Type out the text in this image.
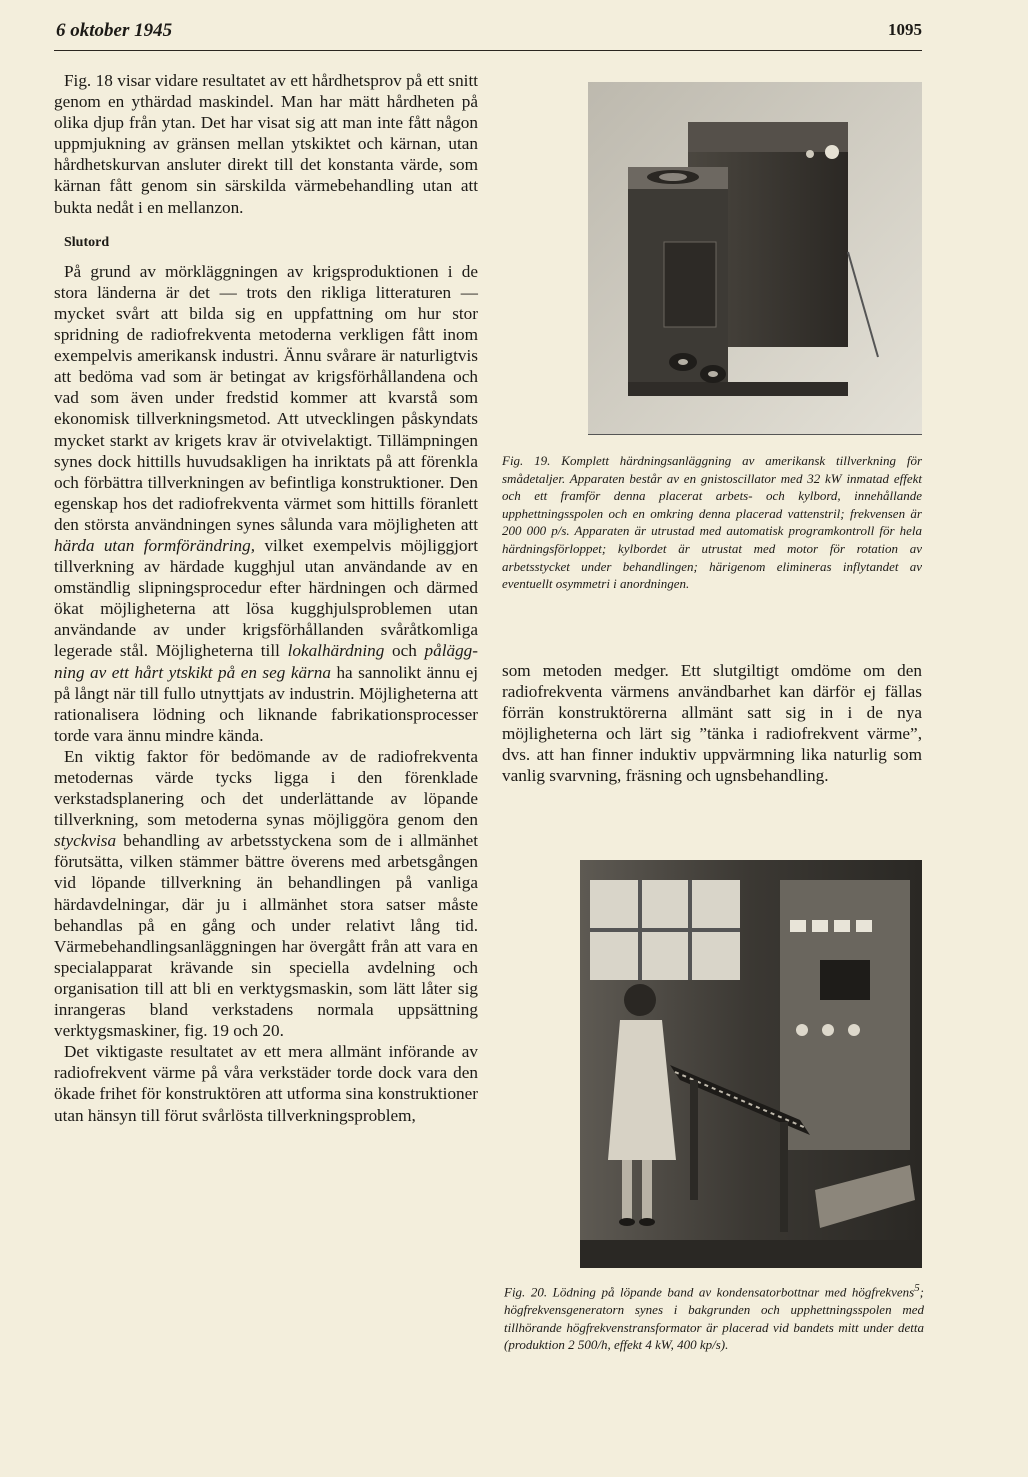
6 oktober 1945	1095

Fig. 18 visar vidare resultatet av ett hårdhetsprov på ett snitt genom en ythärdad maskindel. Man har mätt hårdheten på olika djup från ytan. Det har visat sig att man inte fått någon uppmjukning av gränsen mellan ytskiktet och kärnan, utan hårdhetskurvan ansluter direkt till det konstanta värde, som kärnan fått genom sin särskilda värmebehandling utan att bukta nedåt i en mellanzon.

Slutord

På grund av mörkläggningen av krigsproduktionen i de stora länderna är det — trots den rikliga litteraturen — mycket svårt att bilda sig en uppfattning om hur stor spridning de radiofrekventa metoderna verkligen fått inom exempelvis amerikansk industri. Ännu svårare är naturligtvis att bedöma vad som är betingat av krigsförhållandena och vad som även under fredstid kommer att kvarstå som ekonomisk tillverkningsmetod. Att utvecklingen påskyndats mycket starkt av krigets krav är otvivelaktigt. Tillämpningen synes dock hittills huvudsakligen ha inriktats på att förenkla och förbättra tillverkningen av befintliga konstruktioner. Den egenskap hos det radiofrekventa värmet som hittills föranlett den största användningen synes sålunda vara möjligheten att härda utan formförändring, vilket exempelvis möjliggjort tillverkning av härdade kugghjul utan användande av en omständlig slipningsprocedur efter härdningen och därmed ökat möjligheterna att lösa kugghjulsproblemen utan användande av under krigsförhållanden svåråtkomliga legerade stål. Möjligheterna till lokalhärdning och pålägg-ning av ett hårt ytskikt på en seg kärna ha sannolikt ännu ej på långt när till fullo utnyttjats av industrin. Möjligheterna att rationalisera lödning och liknande fabrikationsprocesser torde vara ännu mindre kända.

En viktig faktor för bedömande av de radiofrekventa metodernas värde tycks ligga i den förenklade verkstadsplanering och det underlättande av löpande tillverkning, som metoderna synas möjliggöra genom den styckvisa behandling av arbetsstyckena som de i allmänhet förutsätta, vilken stämmer bättre överens med arbetsgången vid löpande tillverkning än behandlingen på vanliga härdavdelningar, där ju i allmänhet stora satser måste behandlas på en gång och under relativt lång tid. Värmebehandlingsanläggningen har övergått från att vara en specialapparat krävande sin speciella avdelning och organisation till att bli en verktygsmaskin, som lätt låter sig inrangeras bland verkstadens normala uppsättning verktygsmaskiner, fig. 19 och 20.

Det viktigaste resultatet av ett mera allmänt införande av radiofrekvent värme på våra verkstäder torde dock vara den ökade frihet för konstruktören att utforma sina konstruktioner utan hänsyn till förut svårlösta tillverkningsproblem,

Fig. 19. Komplett härdningsanläggning av amerikansk tillverkning för smådetaljer. Apparaten består av en gnistoscillator med 32 kW inmatad effekt och ett framför denna placerat arbets- och kylbord, innehållande upphettningsspolen och en omkring denna placerad vattenstril; frekvensen är 200 000 p/s. Apparaten är utrustad med automatisk programkontroll för hela härdningsförloppet; kylbordet är utrustat med motor för rotation av arbetsstycket under behandlingen; härigenom elimineras inflytandet av eventuellt osymmetri i anordningen.

som metoden medger. Ett slutgiltigt omdöme om den radiofrekventa värmens användbarhet kan därför ej fällas förrän konstruktörerna allmänt satt sig in i de nya möjligheterna och lärt sig ”tänka i radiofrekvent värme”, dvs. att han finner induktiv uppvärmning lika naturlig som vanlig svarvning, fräsning och ugnsbehandling.

Fig. 20. Lödning på löpande band av kondensatorbottnar med högfrekvens$^5$; högfrekvensgeneratorn synes i bakgrunden och upphettningsspolen med tillhörande högfrekvenstransformator är placerad vid bandets mitt under detta (produktion 2 500/h, effekt 4 kW, 400 kp/s).
